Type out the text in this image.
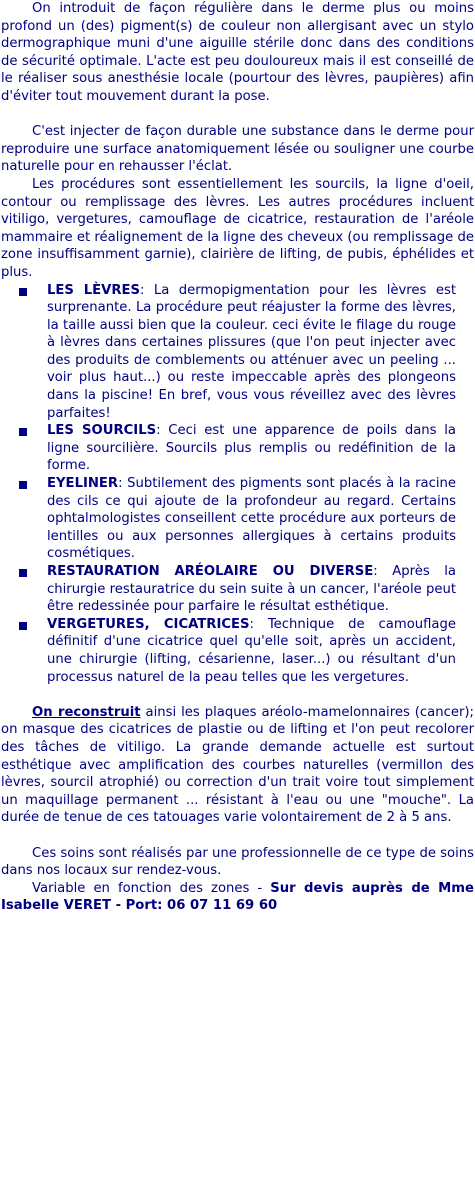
On introduit de façon régulière dans le derme plus ou moins profond un (des) pigment(s) de couleur non allergisant avec un stylo dermographique muni d'une aiguille stérile donc dans des conditions de sécurité optimale. L'acte est peu douloureux mais il est conseillé de le réaliser sous anesthésie locale (pourtour des lèvres, paupières) afin d'éviter tout mouvement durant la pose.

C'est injecter de façon durable une substance dans le derme pour reproduire une surface anatomiquement lésée ou souligner une courbe naturelle pour en rehausser l'éclat.

Les procédures sont essentiellement les sourcils, la ligne d'oeil, contour ou remplissage des lèvres. Les autres procédures incluent vitiligo, vergetures, camouflage de cicatrice, restauration de l'aréole mammaire et réalignement de la ligne des cheveux (ou remplissage de zone insuffisamment garnie), clairière de lifting, de pubis, éphélides et plus.

LES LÈVRES: La dermopigmentation pour les lèvres est surprenante. La procédure peut réajuster la forme des lèvres, la taille aussi bien que la couleur. ceci évite le filage du rouge à lèvres dans certaines plissures (que l'on peut injecter avec des produits de comblements ou atténuer avec un peeling ... voir plus haut...) ou reste impeccable après des plongeons dans la piscine! En bref, vous vous réveillez avec des lèvres parfaites!
LES SOURCILS: Ceci est une apparence de poils dans la ligne sourcilière. Sourcils plus remplis ou redéfinition de la forme.
EYELINER: Subtilement des pigments sont placés à la racine des cils ce qui ajoute de la profondeur au regard. Certains ophtalmologistes conseillent cette procédure aux porteurs de lentilles ou aux personnes allergiques à certains produits cosmétiques.
RESTAURATION ARÉOLAIRE OU DIVERSE: Après la chirurgie restauratrice du sein suite à un cancer, l'aréole peut être redessinée pour parfaire le résultat esthétique.
VERGETURES, CICATRICES: Technique de camouflage définitif d'une cicatrice quel qu'elle soit, après un accident, une chirurgie (lifting, césarienne, laser...) ou résultant d'un processus naturel de la peau telles que les vergetures.

On reconstruit ainsi les plaques aréolo-mamelonnaires (cancer); on masque des cicatrices de plastie ou de lifting et l'on peut recolorer des tâches de vitiligo. La grande demande actuelle est surtout esthétique avec amplification des courbes naturelles (vermillon des lèvres, sourcil atrophié) ou correction d'un trait voire tout simplement un maquillage permanent ... résistant à l'eau ou une "mouche". La durée de tenue de ces tatouages varie volontairement de 2 à 5 ans.

Ces soins sont réalisés par une professionnelle de ce type de soins dans nos locaux sur rendez-vous.

Variable en fonction des zones - Sur devis auprès de Mme Isabelle VERET - Port: 06 07 11 69 60
